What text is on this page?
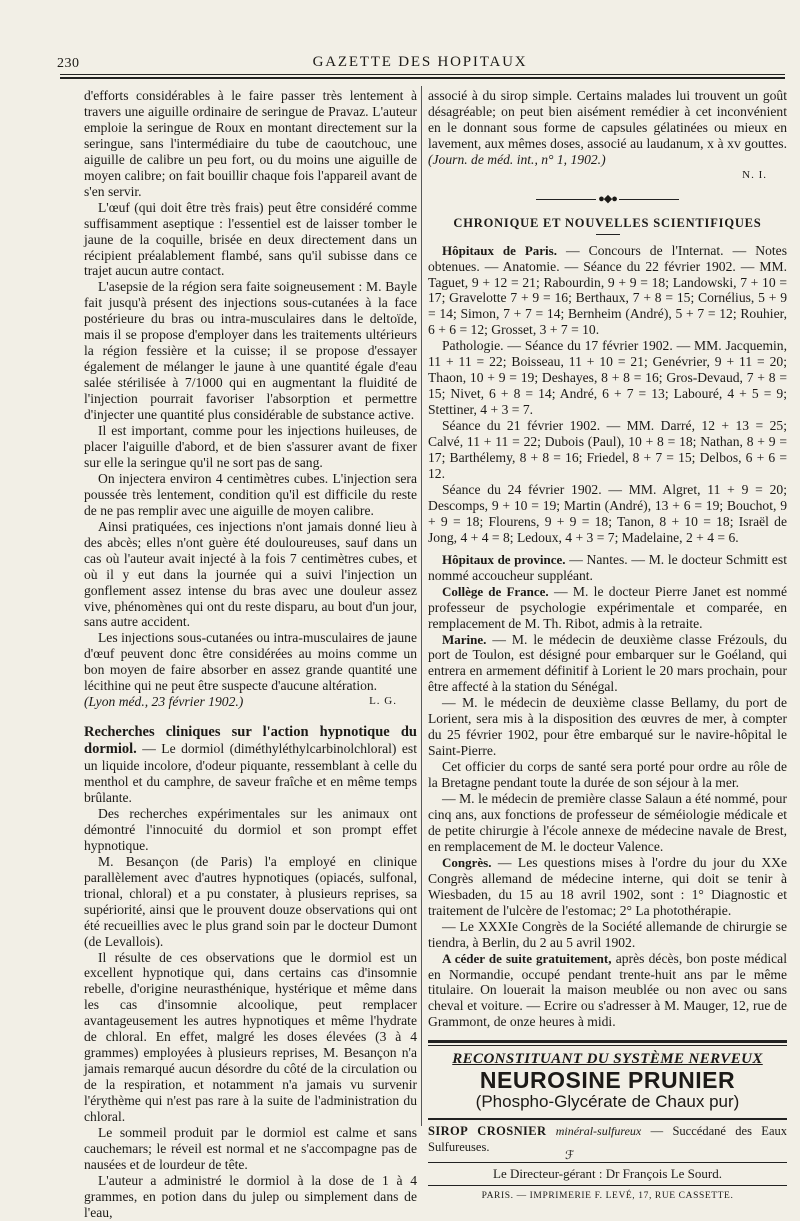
230	GAZETTE DES HOPITAUX

d'efforts considérables à le faire passer très lentement à travers une aiguille ordinaire de seringue de Pravaz. L'auteur emploie la seringue de Roux en montant directement sur la seringue, sans l'intermédiaire du tube de caoutchouc, une aiguille de calibre un peu fort, ou du moins une aiguille de moyen calibre; on fait bouillir chaque fois l'appareil avant de s'en servir.

L'œuf (qui doit être très frais) peut être considéré comme suffisamment aseptique : l'essentiel est de laisser tomber le jaune de la coquille, brisée en deux directement dans un récipient préalablement flambé, sans qu'il subisse dans ce trajet aucun autre contact.

L'asepsie de la région sera faite soigneusement : M. Bayle fait jusqu'à présent des injections sous-cutanées à la face postérieure du bras ou intra-musculaires dans le deltoïde, mais il se propose d'employer dans les traitements ultérieurs la région fessière et la cuisse; il se propose d'essayer également de mélanger le jaune à une quantité égale d'eau salée stérilisée à 7/1000 qui en augmentant la fluidité de l'injection pourrait favoriser l'absorption et permettre d'injecter une quantité plus considérable de substance active.

Il est important, comme pour les injections huileuses, de placer l'aiguille d'abord, et de bien s'assurer avant de fixer sur elle la seringue qu'il ne sort pas de sang.

On injectera environ 4 centimètres cubes. L'injection sera poussée très lentement, condition qu'il est difficile du reste de ne pas remplir avec une aiguille de moyen calibre.

Ainsi pratiquées, ces injections n'ont jamais donné lieu à des abcès; elles n'ont guère été douloureuses, sauf dans un cas où l'auteur avait injecté à la fois 7 centimètres cubes, et où il y eut dans la journée qui a suivi l'injection un gonflement assez intense du bras avec une douleur assez vive, phénomènes qui ont du reste disparu, au bout d'un jour, sans autre accident.

Les injections sous-cutanées ou intra-musculaires de jaune d'œuf peuvent donc être considérées au moins comme un bon moyen de faire absorber en assez grande quantité une lécithine qui ne peut être suspecte d'aucune altération.

(Lyon méd., 23 février 1902.)	L. G.

Recherches cliniques sur l'action hypnotique du dormiol. — Le dormiol (diméthyléthylcarbinolchloral) est un liquide incolore, d'odeur piquante, ressemblant à celle du menthol et du camphre, de saveur fraîche et en même temps brûlante.

Des recherches expérimentales sur les animaux ont démontré l'innocuité du dormiol et son prompt effet hypnotique.

M. Besançon (de Paris) l'a employé en clinique parallèlement avec d'autres hypnotiques (opiacés, sulfonal, trional, chloral) et a pu constater, à plusieurs reprises, sa supériorité, ainsi que le prouvent douze observations qui ont été recueillies avec le plus grand soin par le docteur Dumont (de Levallois).

Il résulte de ces observations que le dormiol est un excellent hypnotique qui, dans certains cas d'insomnie rebelle, d'origine neurasthénique, hystérique et même dans les cas d'insomnie alcoolique, peut remplacer avantageusement les autres hypnotiques et même l'hydrate de chloral. En effet, malgré les doses élevées (3 à 4 grammes) employées à plusieurs reprises, M. Besançon n'a jamais remarqué aucun désordre du côté de la circulation ou de la respiration, et notamment n'a jamais vu survenir l'érythème qui n'est pas rare à la suite de l'administration du chloral.

Le sommeil produit par le dormiol est calme et sans cauchemars; le réveil est normal et ne s'accompagne pas de nausées et de lourdeur de tête.

L'auteur a administré le dormiol à la dose de 1 à 4 grammes, en potion dans du julep ou simplement dans de l'eau,

associé à du sirop simple. Certains malades lui trouvent un goût désagréable; on peut bien aisément remédier à cet inconvénient en le donnant sous forme de capsules gélatinées ou mieux en lavement, aux mêmes doses, associé au laudanum, x à xv gouttes. (Journ. de méd. int., n° 1, 1902.)

N. I.

●◆●
CHRONIQUE ET NOUVELLES SCIENTIFIQUES

Hôpitaux de Paris. — Concours de l'Internat. — Notes obtenues. — Anatomie. — Séance du 22 février 1902. — MM. Taguet, 9 + 12 = 21; Rabourdin, 9 + 9 = 18; Landowski, 7 + 10 = 17; Gravelotte 7 + 9 = 16; Berthaux, 7 + 8 = 15; Cornélius, 5 + 9 = 14; Simon, 7 + 7 = 14; Bernheim (André), 5 + 7 = 12; Rouhier, 6 + 6 = 12; Grosset, 3 + 7 = 10.

Pathologie. — Séance du 17 février 1902. — MM. Jacquemin, 11 + 11 = 22; Boisseau, 11 + 10 = 21; Genévrier, 9 + 11 = 20; Thaon, 10 + 9 = 19; Deshayes, 8 + 8 = 16; Gros-Devaud, 7 + 8 = 15; Nivet, 6 + 8 = 14; André, 6 + 7 = 13; Labouré, 4 + 5 = 9; Stettiner, 4 + 3 = 7.

Séance du 21 février 1902. — MM. Darré, 12 + 13 = 25; Calvé, 11 + 11 = 22; Dubois (Paul), 10 + 8 = 18; Nathan, 8 + 9 = 17; Barthélemy, 8 + 8 = 16; Friedel, 8 + 7 = 15; Delbos, 6 + 6 = 12.

Séance du 24 février 1902. — MM. Algret, 11 + 9 = 20; Descomps, 9 + 10 = 19; Martin (André), 13 + 6 = 19; Bouchot, 9 + 9 = 18; Flourens, 9 + 9 = 18; Tanon, 8 + 10 = 18; Israël de Jong, 4 + 4 = 8; Ledoux, 4 + 3 = 7; Madelaine, 2 + 4 = 6.

Hôpitaux de province. — Nantes. — M. le docteur Schmitt est nommé accoucheur suppléant.

Collège de France. — M. le docteur Pierre Janet est nommé professeur de psychologie expérimentale et comparée, en remplacement de M. Th. Ribot, admis à la retraite.

Marine. — M. le médecin de deuxième classe Frézouls, du port de Toulon, est désigné pour embarquer sur le Goéland, qui entrera en armement définitif à Lorient le 20 mars prochain, pour être affecté à la station du Sénégal.

— M. le médecin de deuxième classe Bellamy, du port de Lorient, sera mis à la disposition des œuvres de mer, à compter du 25 février 1902, pour être embarqué sur le navire-hôpital le Saint-Pierre.

Cet officier du corps de santé sera porté pour ordre au rôle de la Bretagne pendant toute la durée de son séjour à la mer.

— M. le médecin de première classe Salaun a été nommé, pour cinq ans, aux fonctions de professeur de séméiologie médicale et de petite chirurgie à l'école annexe de médecine navale de Brest, en remplacement de M. le docteur Valence.

Congrès. — Les questions mises à l'ordre du jour du XXe Congrès allemand de médecine interne, qui doit se tenir à Wiesbaden, du 15 au 18 avril 1902, sont : 1° Diagnostic et traitement de l'ulcère de l'estomac; 2° La photothérapie.

— Le XXXIe Congrès de la Société allemande de chirurgie se tiendra, à Berlin, du 2 au 5 avril 1902.

A céder de suite gratuitement, après décès, bon poste médical en Normandie, occupé pendant trente-huit ans par le même titulaire. On louerait la maison meublée ou non avec ou sans cheval et voiture. — Ecrire ou s'adresser à M. Mauger, 12, rue de Grammont, de onze heures à midi.

RECONSTITUANT DU SYSTÈME NERVEUX
NEUROSINE PRUNIER
(Phospho-Glycérate de Chaux pur)
SIROP CROSNIER minéral-sulfureux — Succédané des Eaux Sulfureuses.
Le Directeur-gérant : Dr François Le Sourd.
PARIS. — IMPRIMERIE F. LEVÉ, 17, RUE CASSETTE.
ℱ
